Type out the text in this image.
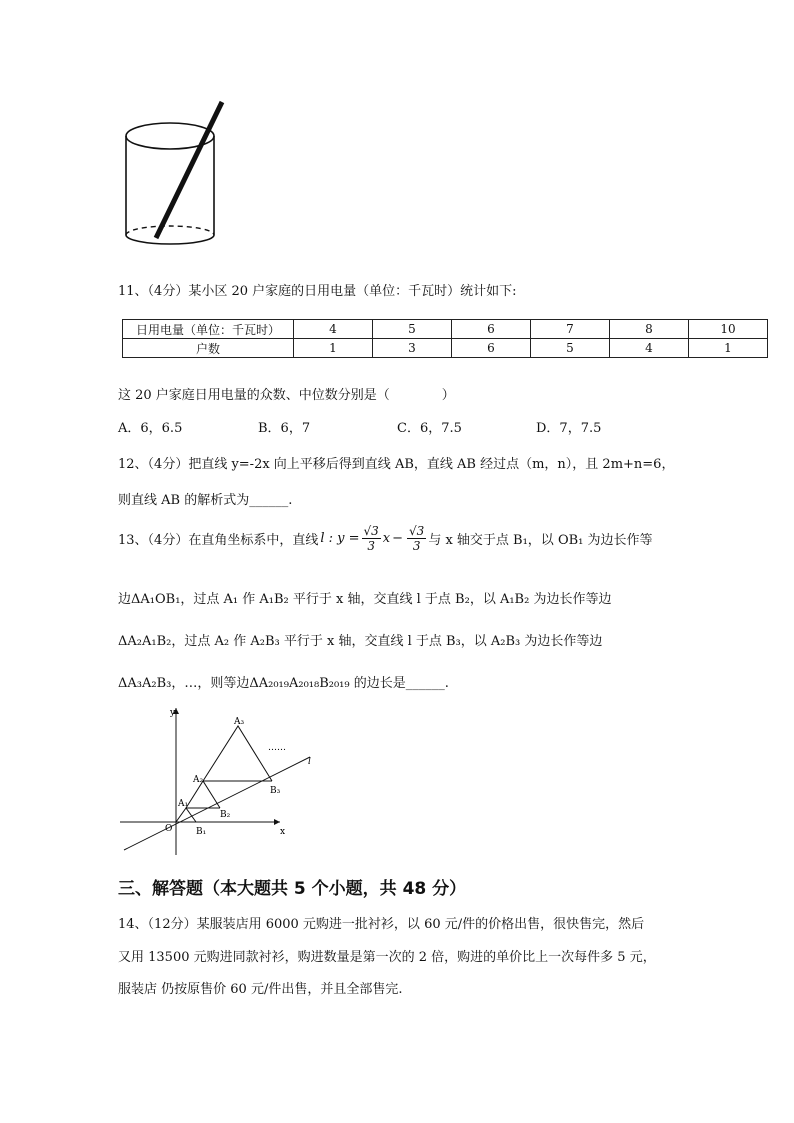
11、（4分）某小区 20 户家庭的日用电量（单位：千瓦时）统计如下:
日用电量（单位：千瓦时）	4	5	6	7	8	10
户数	1	3	6	5	4	1
这 20 户家庭日用电量的众数、中位数分别是（　　　　）
A．6，6.5	B．6，7	C．6，7.5	D．7，7.5
12、（4分）把直线 y=-2x 向上平移后得到直线 AB，直线 AB 经过点（m，n），且 2m+n=6，
则直线 AB 的解析式为______.
13、（4分）在直角坐标系中，直线 l : $y = \frac{√3}{3}$ $x - \frac{√3}{3}$ 与 x 轴交于点 B₁，以 OB₁ 为边长作等
边ΔA₁OB₁，过点 A₁ 作 A₁B₂ 平行于 x 轴，交直线 l 于点 B₂，以 A₁B₂ 为边长作等边
ΔA₂A₁B₂，过点 A₂ 作 A₂B₃ 平行于 x 轴，交直线 l 于点 B₃，以 A₂B₃ 为边长作等边
ΔA₃A₂B₃，…，则等边ΔA₂₀₁₉A₂₀₁₈B₂₀₁₉ 的边长是______.
y
x
O
l
……
A₁
A₂
A₃
B₁
B₂
B₃
三、解答题（本大题共 5 个小题，共 48 分）
14、（12分）某服装店用 6000 元购进一批衬衫，以 60 元/件的价格出售，很快售完，然后
又用 13500 元购进同款衬衫，购进数量是第一次的 2 倍，购进的单价比上一次每件多 5 元，
服装店 仍按原售价 60 元/件出售，并且全部售完.
